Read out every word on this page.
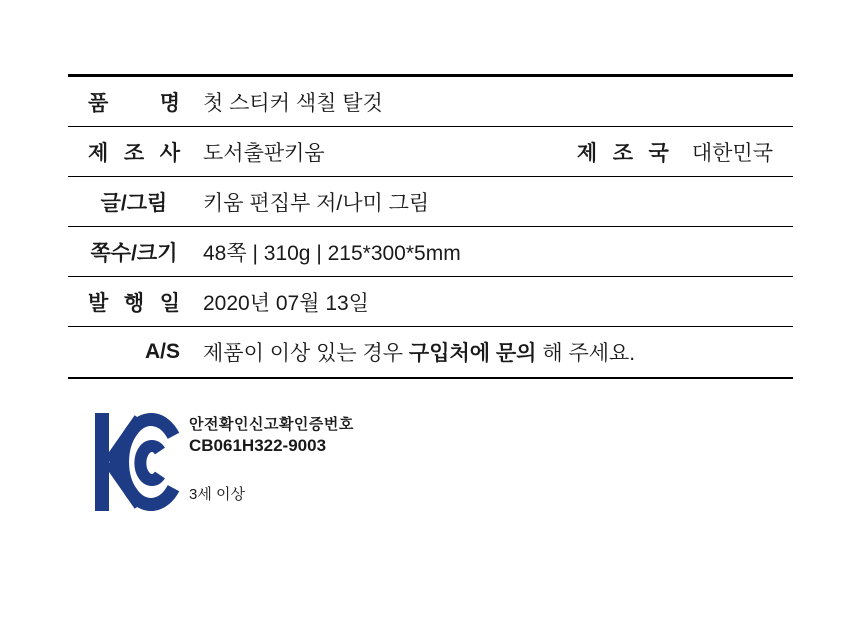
품 명 첫 스티커 색칠 탈것
제 조 사 도서출판키움	제 조 국 대한민국
글/그림	키움 편집부 저/나미 그림
쪽수/크기 48쪽 | 310g | 215*300*5mm
발 행 일 2020년 07월 13일
A/S 제품이 이상 있는 경우 구입처에 문의 해 주세요.
안전확인신고확인증번호
CB061H322-9003
3세 이상
